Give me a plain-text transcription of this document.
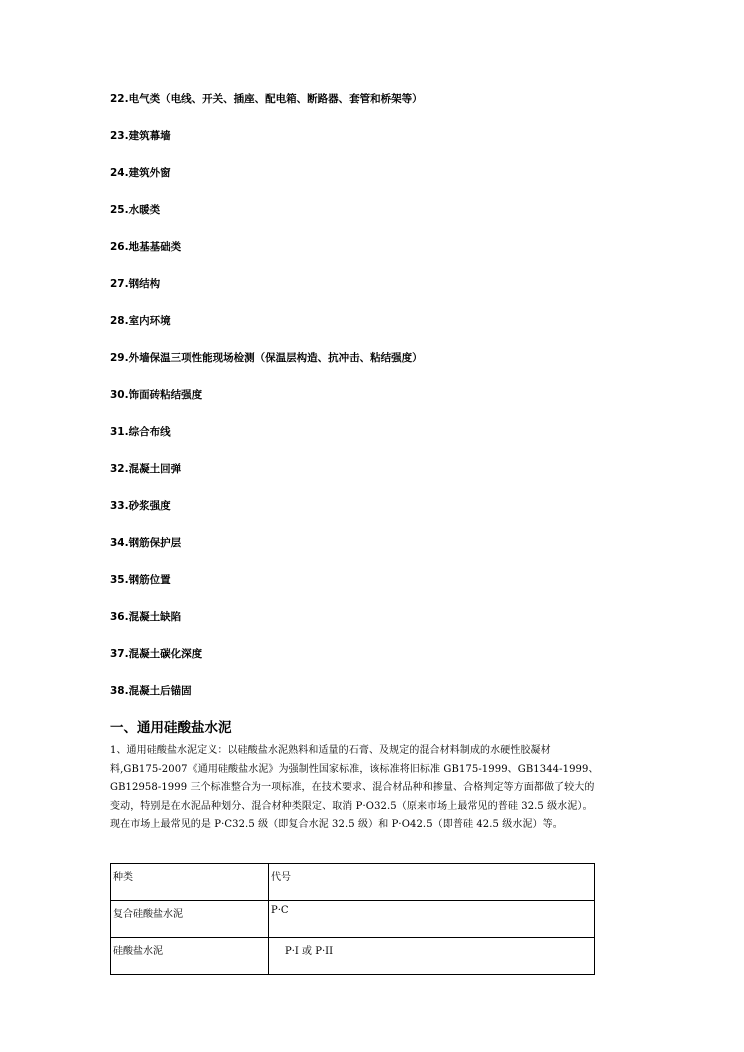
22.电气类（电线、开关、插座、配电箱、断路器、套管和桥架等）
23.建筑幕墙
24.建筑外窗
25.水暖类
26.地基基础类
27.钢结构
28.室内环境
29.外墙保温三项性能现场检测（保温层构造、抗冲击、粘结强度）
30.饰面砖粘结强度
31.综合布线
32.混凝土回弹
33.砂浆强度
34.钢筋保护层
35.钢筋位置
36.混凝土缺陷
37.混凝土碳化深度
38.混凝土后锚固
一、通用硅酸盐水泥
1、通用硅酸盐水泥定义：以硅酸盐水泥熟料和适量的石膏、及规定的混合材料制成的水硬性胶凝材
料,GB175-2007《通用硅酸盐水泥》为强制性国家标准，该标准将旧标准 GB175-1999、GB1344-1999、
GB12958-1999 三个标准整合为一项标准，在技术要求、混合材品种和掺量、合格判定等方面都做了较大的
变动，特别是在水泥品种划分、混合材种类限定、取消 P·O32.5（原来市场上最常见的普硅 32.5 级水泥）。
现在市场上最常见的是 P·C32.5 级（即复合水泥 32.5 级）和 P·O42.5（即普硅 42.5 级水泥）等。
种类	代号
复合硅酸盐水泥	P·C
硅酸盐水泥	P·I 或 P·II
